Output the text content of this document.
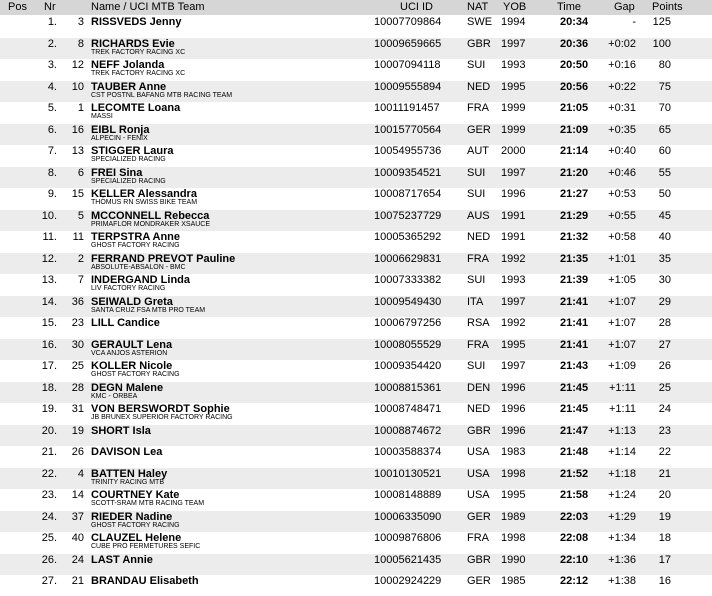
Pos Nr	Name / UCI MTB Team	UCI ID	NAT YOB	Time	Gap Points
1. 3 RISSVEDS Jenny	10007709864 SWE 1994	20:34	- 125
2. 8 RICHARDS Evie
TREK FACTORY RACING XC
10009659665 GBR 1997	20:36 +0:02 100
3. 12 NEFF Jolanda
TREK FACTORY RACING XC
10007094118 SUI 1993	20:50 +0:16 80
4. 10 TAUBER Anne
CST POSTNL BAFANG MTB RACING TEAM
10009555894 NED 1995	20:56 +0:22 75
5. 1 LECOMTE Loana
MASSI
10011191457 FRA 1999	21:05 +0:31 70
6. 16 EIBL Ronja
ALPECIN - FENIX
10015770564 GER 1999	21:09 +0:35 65
7. 13 STIGGER Laura
SPECIALIZED RACING
10054955736 AUT 2000	21:14 +0:40 60
8. 6 FREI Sina
SPECIALIZED RACING
10009354521 SUI 1997	21:20 +0:46 55
9. 15 KELLER Alessandra
THÖMUS RN SWISS BIKE TEAM
10008717654 SUI 1996	21:27 +0:53 50
10. 5 MCCONNELL Rebecca
PRIMAFLOR MONDRAKER XSAUCE
10075237729 AUS 1991	21:29 +0:55 45
11. 11 TERPSTRA Anne
GHOST FACTORY RACING
10005365292 NED 1991	21:32 +0:58 40
12. 2 FERRAND PREVOT Pauline
ABSOLUTE-ABSALON - BMC
10006629831 FRA 1992	21:35 +1:01 35
13. 7 INDERGAND Linda
LIV FACTORY RACING
10007333382 SUI 1993	21:39 +1:05 30
14. 36 SEIWALD Greta
SANTA CRUZ FSA MTB PRO TEAM
10009549430 ITA 1997	21:41 +1:07 29
15. 23 LILL Candice	10006797256 RSA 1992	21:41 +1:07 28
16. 30 GERAULT Lena
VCA ANJOS ASTERION
10008055529 FRA 1995	21:41 +1:07 27
17. 25 KOLLER Nicole
GHOST FACTORY RACING
10009354420 SUI 1997	21:43 +1:09 26
18. 28 DEGN Malene
KMC - ORBEA
10008815361 DEN 1996	21:45 +1:11 25
19. 31 VON BERSWORDT Sophie
JB BRUNEX SUPERIOR FACTORY RACING
10008748471 NED 1996	21:45 +1:11 24
20. 19 SHORT Isla	10008874672 GBR 1996	21:47 +1:13 23
21. 26 DAVISON Lea	10003588374 USA 1983	21:48 +1:14 22
22. 4 BATTEN Haley
TRINITY RACING MTB
10010130521 USA 1998	21:52 +1:18 21
23. 14 COURTNEY Kate
SCOTT-SRAM MTB RACING TEAM
10008148889 USA 1995	21:58 +1:24 20
24. 37 RIEDER Nadine
GHOST FACTORY RACING
10006335090 GER 1989	22:03 +1:29 19
25. 40 CLAUZEL Helene
CUBE PRO FERMETURES SEFIC
10009876806 FRA 1998	22:08 +1:34 18
26. 24 LAST Annie	10005621435 GBR 1990	22:10 +1:36 17
27. 21 BRANDAU Elisabeth	10002924229 GER 1985	22:12 +1:38 16
